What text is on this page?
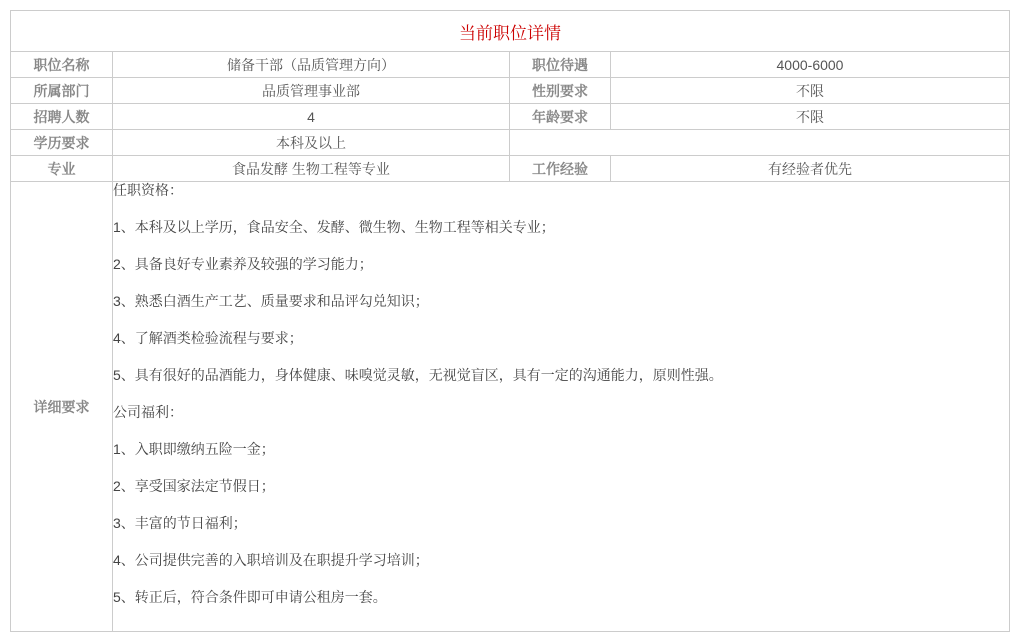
当前职位详情			
职位名称	储备干部（品质管理方向）	职位待遇	4000-6000
所属部门	品质管理事业部	性别要求	不限
招聘人数	4	年龄要求	不限
学历要求	本科及以上		
专业	食品发酵 生物工程等专业	工作经验	有经验者优先
详细要求	

任职资格：

1、本科及以上学历，食品安全、发酵、微生物、生物工程等相关专业；

2、具备良好专业素养及较强的学习能力；

3、熟悉白酒生产工艺、质量要求和品评勾兑知识；

4、了解酒类检验流程与要求；

5、具有很好的品酒能力，身体健康、味嗅觉灵敏，无视觉盲区，具有一定的沟通能力，原则性强。

公司福利：

1、入职即缴纳五险一金；

2、享受国家法定节假日；

3、丰富的节日福利；

4、公司提供完善的入职培训及在职提升学习培训；

5、转正后，符合条件即可申请公租房一套。
